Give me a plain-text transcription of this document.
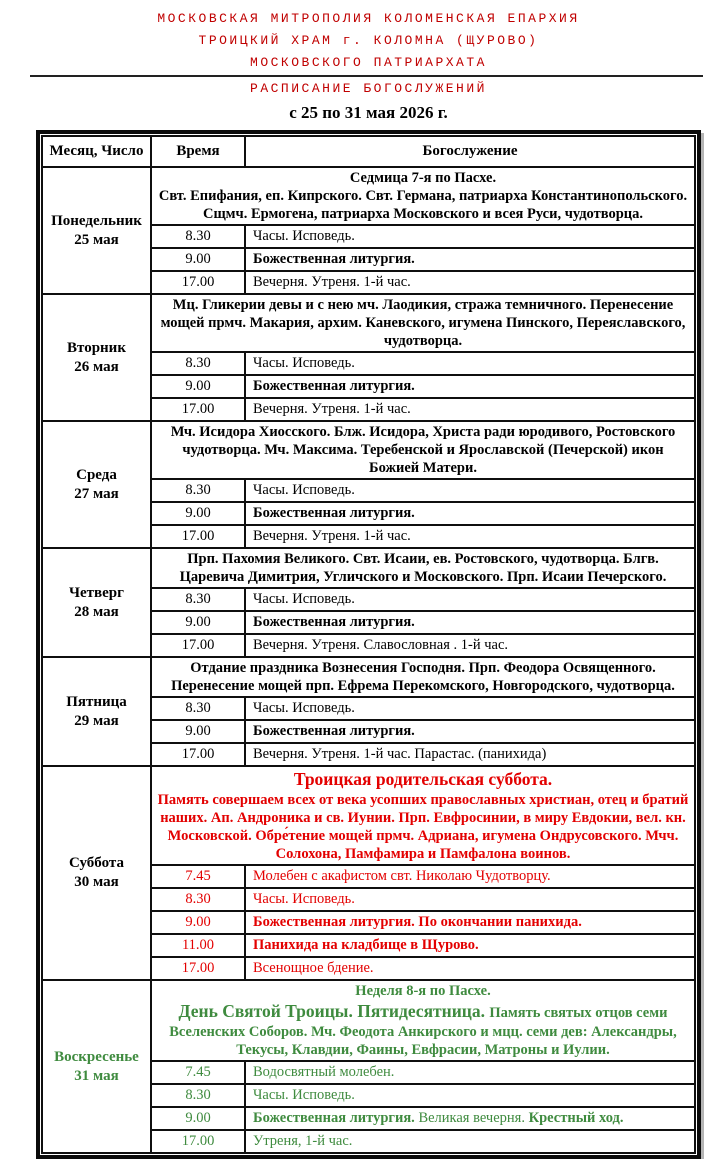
МОСКОВСКАЯ МИТРОПОЛИЯ КОЛОМЕНСКАЯ ЕПАРХИЯ
ТРОИЦКИЙ ХРАМ г. КОЛОМНА (ЩУРОВО)
МОСКОВСКОГО ПАТРИАРХАТА
РАСПИСАНИЕ БОГОСЛУЖЕНИЙ
с 25 по 31 мая 2026 г.
Месяц, Число	Время	Богослужение

Понедельник
25 мая

Седмица 7-я по Пасхе.
Свт. Епифания, еп. Кипрского. Свт. Германа, патриарха Константинопольского. Сщмч. Ермогена, патриарха Московского и всея Руси, чудотворца.

	8.30	Часы. Исповедь.
	9.00	Божественная литургия.
	17.00	Вечерня. Утреня. 1-й час.

Вторник
26 мая	Мц. Гликерии девы и с нею мч. Лаодикия, стража темничного. Перенесение мощей прмч. Макария, архим. Каневского, игумена Пинского, Переяславского, чудотворца.	

	8.30	Часы. Исповедь.
	9.00	Божественная литургия.
	17.00	Вечерня. Утреня. 1-й час.

Среда
27 мая	Мч. Исидора Хиосского. Блж. Исидора, Христа ради юродивого, Ростовского чудотворца. Мч. Максима. Теребенской и Ярославской (Печерской) икон Божией Матери.	

	8.30	Часы. Исповедь.
	9.00	Божественная литургия.
	17.00	Вечерня. Утреня. 1-й час.

Четверг
28 мая	Прп. Пахомия Великого. Свт. Исаии, ев. Ростовского, чудотворца. Блгв. Царевича Димитрия, Угличского и Московского. Прп. Исаии Печерского.	

	8.30	Часы. Исповедь.
	9.00	Божественная литургия.
	17.00	Вечерня. Утреня. Славословная . 1-й час.

Пятница
29 мая	Отдание праздника Вознесения Господня. Прп. Феодора Освященного. Перенесение мощей прп. Ефрема Перекомского, Новгородского, чудотворца.	

	8.30	Часы. Исповедь.
	9.00	Божественная литургия.
	17.00	Вечерня. Утреня. 1-й час. Парастас. (панихида)

Суббота
30 мая

Троицкая родительская суббота.
Память совершаем всех от века усопших православных христиан, отец и братий наших. Ап. Андроника и св. Иунии. Прп. Евфросинии, в миру Евдокии, вел. кн. Московской. Обре́тение мощей прмч. Адриана, игумена Ондрусовского. Мчч. Солохона, Памфамира и Памфалона воинов.

	7.45	Молебен с акафистом свт. Николаю Чудотворцу.
	8.30	Часы. Исповедь.
	9.00	Божественная литургия. По окончании панихида.
	11.00	Панихида на кладбище в Щурово.
	17.00	Всенощное бдение.

Воскресенье
31 мая

Неделя 8-я по Пасхе.
День Святой Троицы. Пятидесятница. Память святых отцов семи Вселенских Соборов. Мч. Феодота Анкирского и мцц. семи дев: Александры, Текусы, Клавдии, Фаины, Евфрасии, Матроны и Иулии.

	7.45	Водосвятный молебен.
	8.30	Часы. Исповедь.
	9.00	Божественная литургия. Великая вечерня. Крестный ход.
	17.00	Утреня, 1-й час.
